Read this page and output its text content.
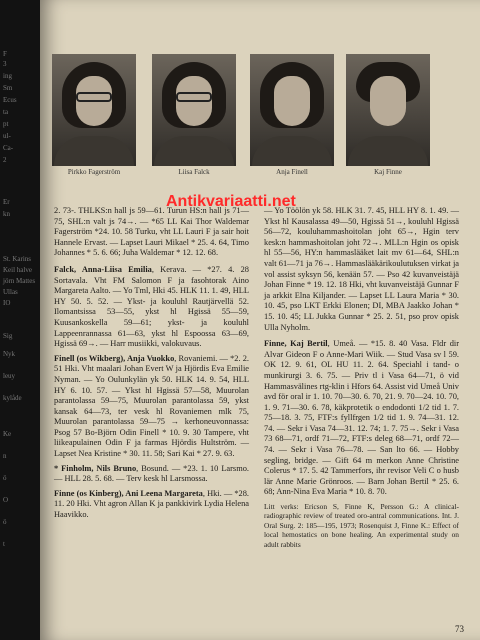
F
3
ing
Sm
Ecus
ta
pt
ul-
Ca-
2
Er
kn
St. Karins
Keil halve
jörn Mattes
Ullas
IO
Sig
Nyk
leuy
kylåde
Ke
n
ö
O
ö
t
Pirkko Fagerström	Liisa Falck	Anja Finell	Kaj Finne

2. 73-. THLKS:n hall js 59—61. Turun HS:n hall js 71—75, SHL:n valt js 74→. — *65 LL Kai Thor Waldemar Fagerström *24. 10. 58 Turku, vht LL Lauri F ja sair hoit Hannele Ervast. — Lapset Lauri Mikael * 25. 4. 64, Timo Johannes * 5. 6. 66; Juha Waldemar * 12. 12. 68.

Falck, Anna-Liisa Emilia, Kerava. — *27. 4. 28 Sortavala. Vht FM Salomon F ja fasohtorak Aino Margareta Aalto. — Yo Tml, Hki 45. HLK 11. 1. 49, HLL HY 50. 5. 52. — Ykst- ja kouluhl Rautjärvellä 52. Ilomantsissa 53—55, ykst hl Hgissä 55—59, Kuusankoskella 59—61; ykst- ja kouluhl Lappeenrannassa 61—63, ykst hl Espoossa 63—69, Hgissä 69→. — Harr musiikki, valokuvaus.

Finell (os Wikberg), Anja Vuokko, Rovaniemi. — *2. 2. 51 Hki. Vht maalari Johan Evert W ja Hjördis Eva Emilie Nyman. — Yo Oulunkylän yk 50. HLK 14. 9. 54, HLL HY 6. 10. 57. — Ykst hl Hgissä 57—58, Muurolan parantolassa 59—75, Muurolan parantolassa 59, ykst kansak 64—73, ter vesk hl Rovaniemen mlk 75, Muurolan parantolassa 59—75 → kerhoneuvonnassa: Psog 57 Bo-Björn Odin Finell * 10. 9. 30 Tampere, vht liikeapulainen Odin F ja farmas Hjördis Hultström. — Lapset Nea Kristine * 30. 11. 58; Sari Kai * 27. 9. 63.

* Finholm, Nils Bruno, Bosund. — *23. 1. 10 Larsmo. — HLL 28. 5. 68. — Terv kesk hl Larsmossa.

Finne (os Kinberg), Ani Leena Margareta, Hki. — *28. 11. 20 Hki. Vht agron Allan K ja pankkivirk Lydia Helena Haavikko.

— Yo Töölön yk 58. HLK 31. 7. 45, HLL HY 8. 1. 49. — Ykst hl Kausalassa 49—50, Hgissä 51→, kouluhl Hgissä 56—72, kouluhammashoitolan joht 65→, Hgin terv kesk:n hammashoitolan joht 72→. MLL:n Hgin os opisk hl 55—56, HY:n hammaslääket lait mv 61—64, SHL:n valt 61—71 ja 76→. Hammaslääkärikoulutuksen virkat ja vol assist syksyn 56, kenään 57. — Pso 42 kuvanveistäjä Johan Finne * 19. 12. 18 Hki, vht kuvanveistäjä Gunnar F ja arkkit Elna Kiljander. — Lapset LL Laura Maria * 30. 10. 45, pso LKT Erkki Elonen; DI, MBA Jaakko Johan * 15. 10. 45; LL Jukka Gunnar * 25. 2. 51, pso prov opisk Ulla Nyholm.

Finne, Kaj Bertil, Umeå. — *15. 8. 40 Vasa. Fldr dir Alvar Gideon F o Anne-Mari Wiik. — Stud Vasa sv l 59. OK 12. 9. 61, OL HU 11. 2. 64. Speciahl i tand- o munkirurgi 3. 6. 75. — Priv tl i Vasa 64—71, ö vid Hammasvälines rtg-klin i Hfors 64. Assist vid Umeå Univ avd för oral ir 1. 10. 70—30. 6. 70, 21. 9. 70—24. 10. 70, 1. 9. 71—30. 6. 78, käkprotetik o endodonti 1/2 tid 1. 7. 75—18. 3. 75, FTF:s fyllfrgen 1/2 tid 1. 9. 74—31. 12. 74. — Sekr i Vasa 74—31. 12. 74; 1. 7. 75→. Sekr i Vasa 73 68—71, ordf 71—72, FTF:s deleg 68—71, ordf 72—74. — Sekr i Vasa 76—78. — San lto 66. — Hobby segling, bridge. — Gift 64 m merkon Anne Christine Colerus * 17. 5. 42 Tammerfors, ihr revisor Veli C o husb lär Anne Marie Grönroos. — Barn Johan Bertil * 25. 6. 68; Ann-Nina Eva Maria * 10. 8. 70.

Litt verks: Ericson S, Finne K, Persson G.: A clinical-radiographic review of treated oro-antral communications. Int. J. Oral Surg. 2: 185—195, 1973; Rosenquist J, Finne K.: Effect of local hemostatics on bone healing. An experimental study on adult rabbits

Antikvariaatti.net
73
